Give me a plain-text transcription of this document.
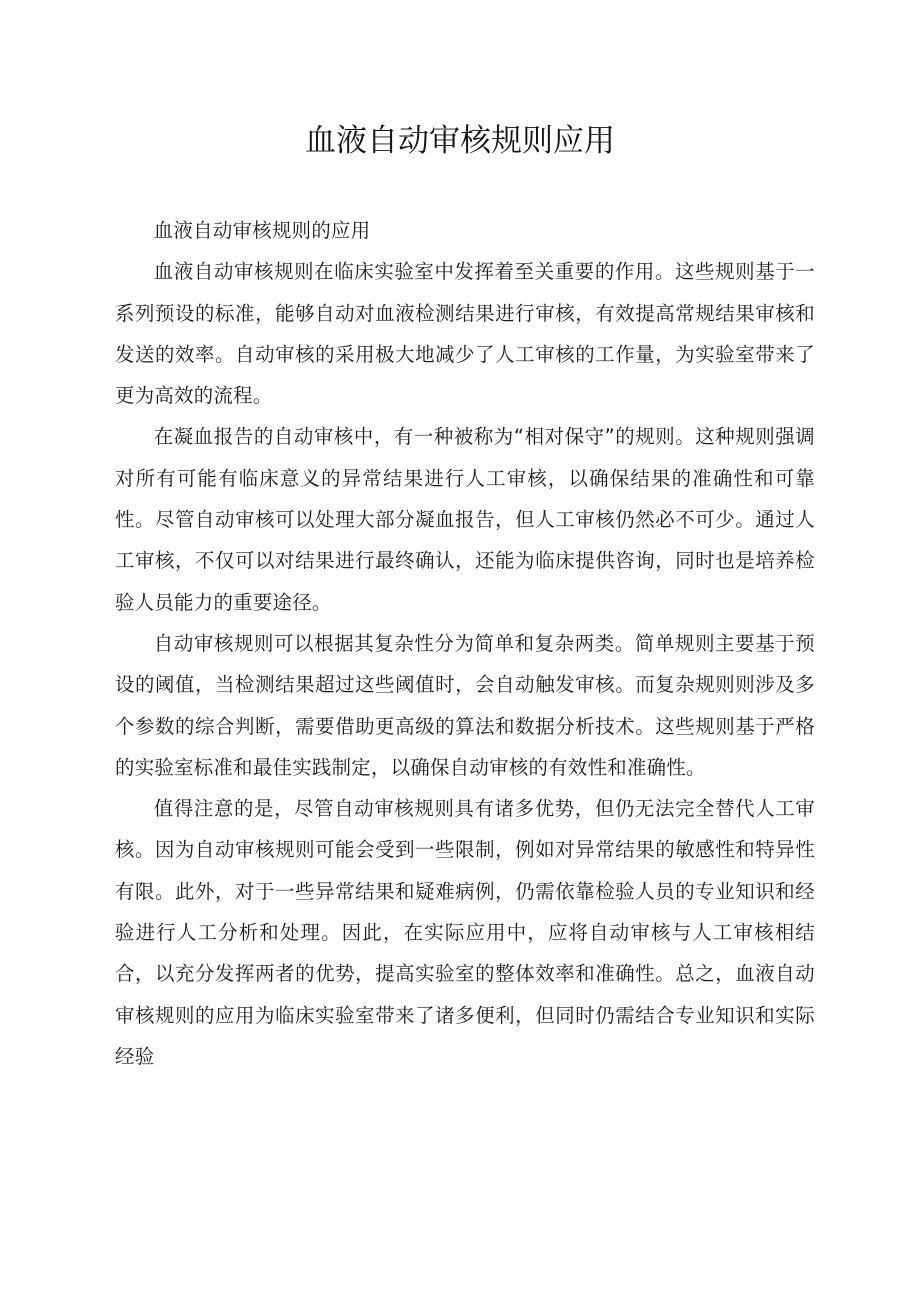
血液自动审核规则应用

血液自动审核规则的应用

血液自动审核规则在临床实验室中发挥着至关重要的作用。这些规则基于一系列预设的标准，能够自动对血液检测结果进行审核，有效提高常规结果审核和发送的效率。自动审核的采用极大地减少了人工审核的工作量，为实验室带来了更为高效的流程。

在凝血报告的自动审核中，有一种被称为“相对保守”的规则。这种规则强调对所有可能有临床意义的异常结果进行人工审核，以确保结果的准确性和可靠性。尽管自动审核可以处理大部分凝血报告，但人工审核仍然必不可少。通过人工审核，不仅可以对结果进行最终确认，还能为临床提供咨询，同时也是培养检验人员能力的重要途径。

自动审核规则可以根据其复杂性分为简单和复杂两类。简单规则主要基于预设的阈值，当检测结果超过这些阈值时，会自动触发审核。而复杂规则则涉及多个参数的综合判断，需要借助更高级的算法和数据分析技术。这些规则基于严格的实验室标准和最佳实践制定，以确保自动审核的有效性和准确性。

值得注意的是，尽管自动审核规则具有诸多优势，但仍无法完全替代人工审核。因为自动审核规则可能会受到一些限制，例如对异常结果的敏感性和特异性有限。此外，对于一些异常结果和疑难病例，仍需依靠检验人员的专业知识和经验进行人工分析和处理。因此，在实际应用中，应将自动审核与人工审核相结合，以充分发挥两者的优势，提高实验室的整体效率和准确性。总之，血液自动审核规则的应用为临床实验室带来了诸多便利，但同时仍需结合专业知识和实际经验
